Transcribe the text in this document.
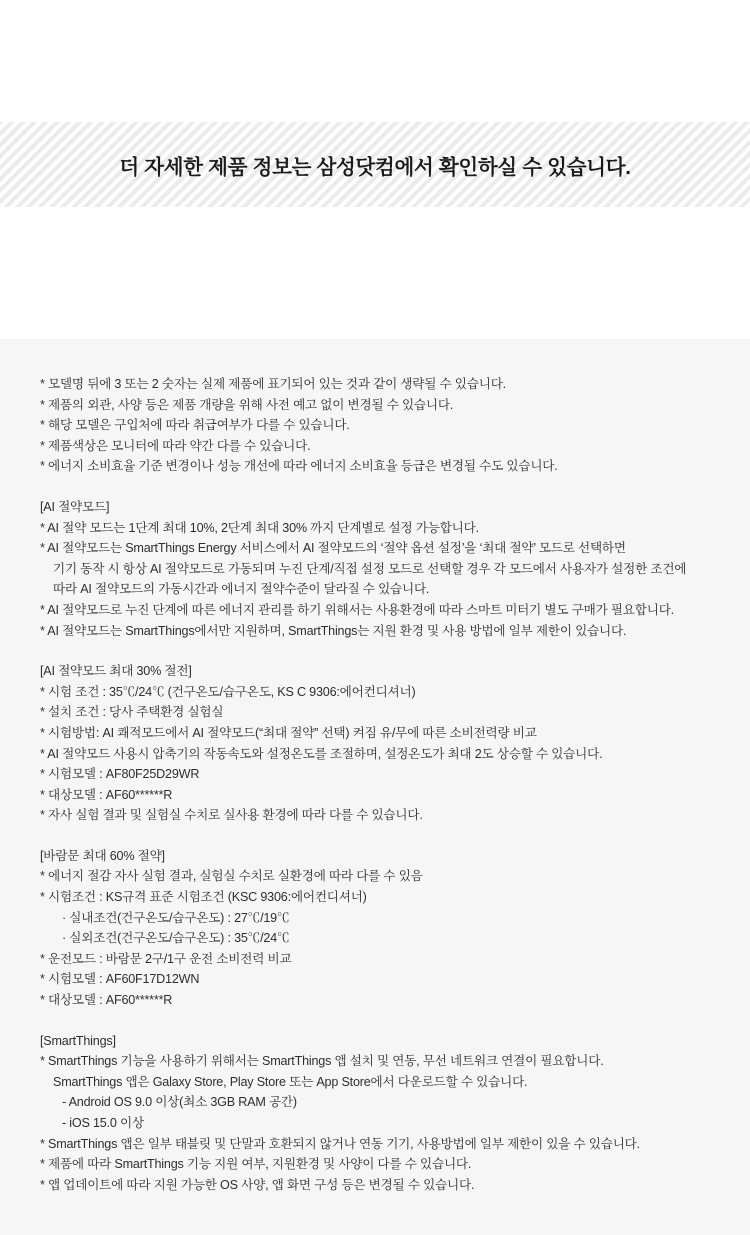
더 자세한 제품 정보는 삼성닷컴에서 확인하실 수 있습니다.
* 모델명 뒤에 3 또는 2 숫자는 실제 제품에 표기되어 있는 것과 같이 생략될 수 있습니다.
* 제품의 외관, 사양 등은 제품 개량을 위해 사전 예고 없이 변경될 수 있습니다.
* 해당 모델은 구입처에 따라 취급여부가 다를 수 있습니다.
* 제품색상은 모니터에 따라 약간 다를 수 있습니다.
* 에너지 소비효율 기준 변경이나 성능 개선에 따라 에너지 소비효율 등급은 변경될 수도 있습니다.
[AI 절약모드]
* AI 절약 모드는 1단계 최대 10%, 2단계 최대 30% 까지 단계별로 설정 가능합니다.
* AI 절약모드는 SmartThings Energy 서비스에서 AI 절약모드의 ‘절약 옵션 설정’을 ‘최대 절약’ 모드로 선택하면
기기 동작 시 항상 AI 절약모드로 가동되며 누진 단계/직접 설정 모드로 선택할 경우 각 모드에서 사용자가 설정한 조건에
따라 AI 절약모드의 가동시간과 에너지 절약수준이 달라질 수 있습니다.
* AI 절약모드로 누진 단계에 따른 에너지 관리를 하기 위해서는 사용환경에 따라 스마트 미터기 별도 구매가 필요합니다.
* AI 절약모드는 SmartThings에서만 지원하며, SmartThings는 지원 환경 및 사용 방법에 일부 제한이 있습니다.
[AI 절약모드 최대 30% 절전]
* 시험 조건 : 35℃/24℃ (건구온도/습구온도, KS C 9306:에어컨디셔너)
* 설치 조건 : 당사 주택환경 실험실
* 시험방법: AI 쾌적모드에서 AI 절약모드(“최대 절약” 선택) 켜짐 유/무에 따른 소비전력량 비교
* AI 절약모드 사용시 압축기의 작동속도와 설정온도를 조절하며, 설정온도가 최대 2도 상승할 수 있습니다.
* 시험모델 : AF80F25D29WR
* 대상모델 : AF60******R
* 자사 실험 결과 및 실험실 수치로 실사용 환경에 따라 다를 수 있습니다.
[바람문 최대 60% 절약]
* 에너지 절감 자사 실험 결과, 실험실 수치로 실환경에 따라 다를 수 있음
* 시험조건 : KS규격 표준 시험조건 (KSC 9306:에어컨디셔너)
· 실내조건(건구온도/습구온도) : 27℃/19℃
· 실외조건(건구온도/습구온도) : 35℃/24℃
* 운전모드 : 바람문 2구/1구 운전 소비전력 비교
* 시험모델 : AF60F17D12WN
* 대상모델 : AF60******R
[SmartThings]
* SmartThings 기능을 사용하기 위해서는 SmartThings 앱 설치 및 연동, 무선 네트워크 연결이 필요합니다.
SmartThings 앱은 Galaxy Store, Play Store 또는 App Store에서 다운로드할 수 있습니다.
- Android OS 9.0 이상(최소 3GB RAM 공간)
- iOS 15.0 이상
* SmartThings 앱은 일부 태블릿 및 단말과 호환되지 않거나 연동 기기, 사용방법에 일부 제한이 있을 수 있습니다.
* 제품에 따라 SmartThings 기능 지원 여부, 지원환경 및 사양이 다를 수 있습니다.
* 앱 업데이트에 따라 지원 가능한 OS 사양, 앱 화면 구성 등은 변경될 수 있습니다.
